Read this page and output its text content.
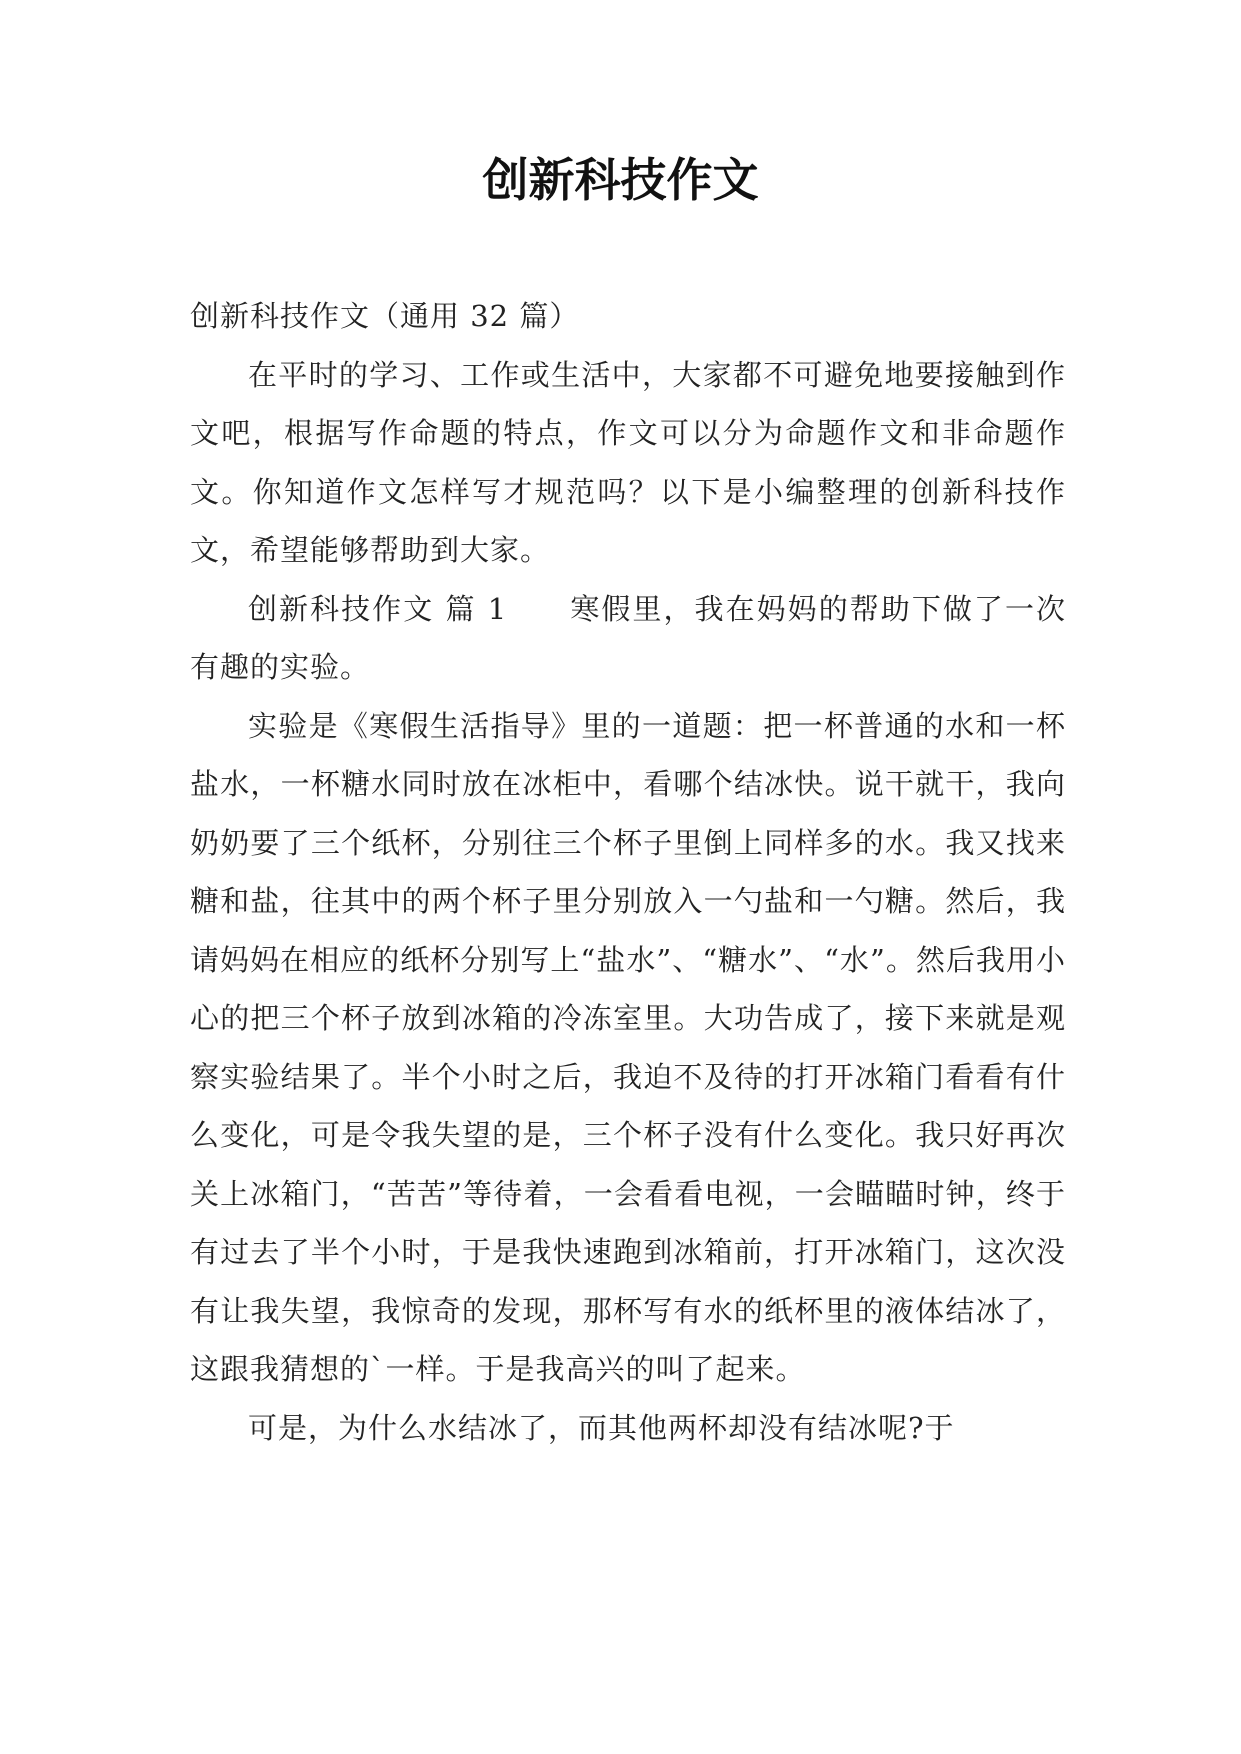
创新科技作文

创新科技作文（通用 32 篇）

在平时的学习、工作或生活中，大家都不可避免地要接触到作文吧，根据写作命题的特点，作文可以分为命题作文和非命题作文。你知道作文怎样写才规范吗？以下是小编整理的创新科技作文，希望能够帮助到大家。

创新科技作文 篇 1　　寒假里，我在妈妈的帮助下做了一次有趣的实验。

实验是《寒假生活指导》里的一道题：把一杯普通的水和一杯盐水，一杯糖水同时放在冰柜中，看哪个结冰快。说干就干，我向奶奶要了三个纸杯，分别往三个杯子里倒上同样多的水。我又找来糖和盐，往其中的两个杯子里分别放入一勺盐和一勺糖。然后，我请妈妈在相应的纸杯分别写上“盐水”、“糖水”、“水”。然后我用小心的把三个杯子放到冰箱的冷冻室里。大功告成了，接下来就是观察实验结果了。半个小时之后，我迫不及待的打开冰箱门看看有什么变化，可是令我失望的是，三个杯子没有什么变化。我只好再次关上冰箱门，“苦苦”等待着，一会看看电视，一会瞄瞄时钟，终于有过去了半个小时，于是我快速跑到冰箱前，打开冰箱门，这次没有让我失望，我惊奇的发现，那杯写有水的纸杯里的液体结冰了，这跟我猜想的`一样。于是我高兴的叫了起来。

可是，为什么水结冰了，而其他两杯却没有结冰呢?于
